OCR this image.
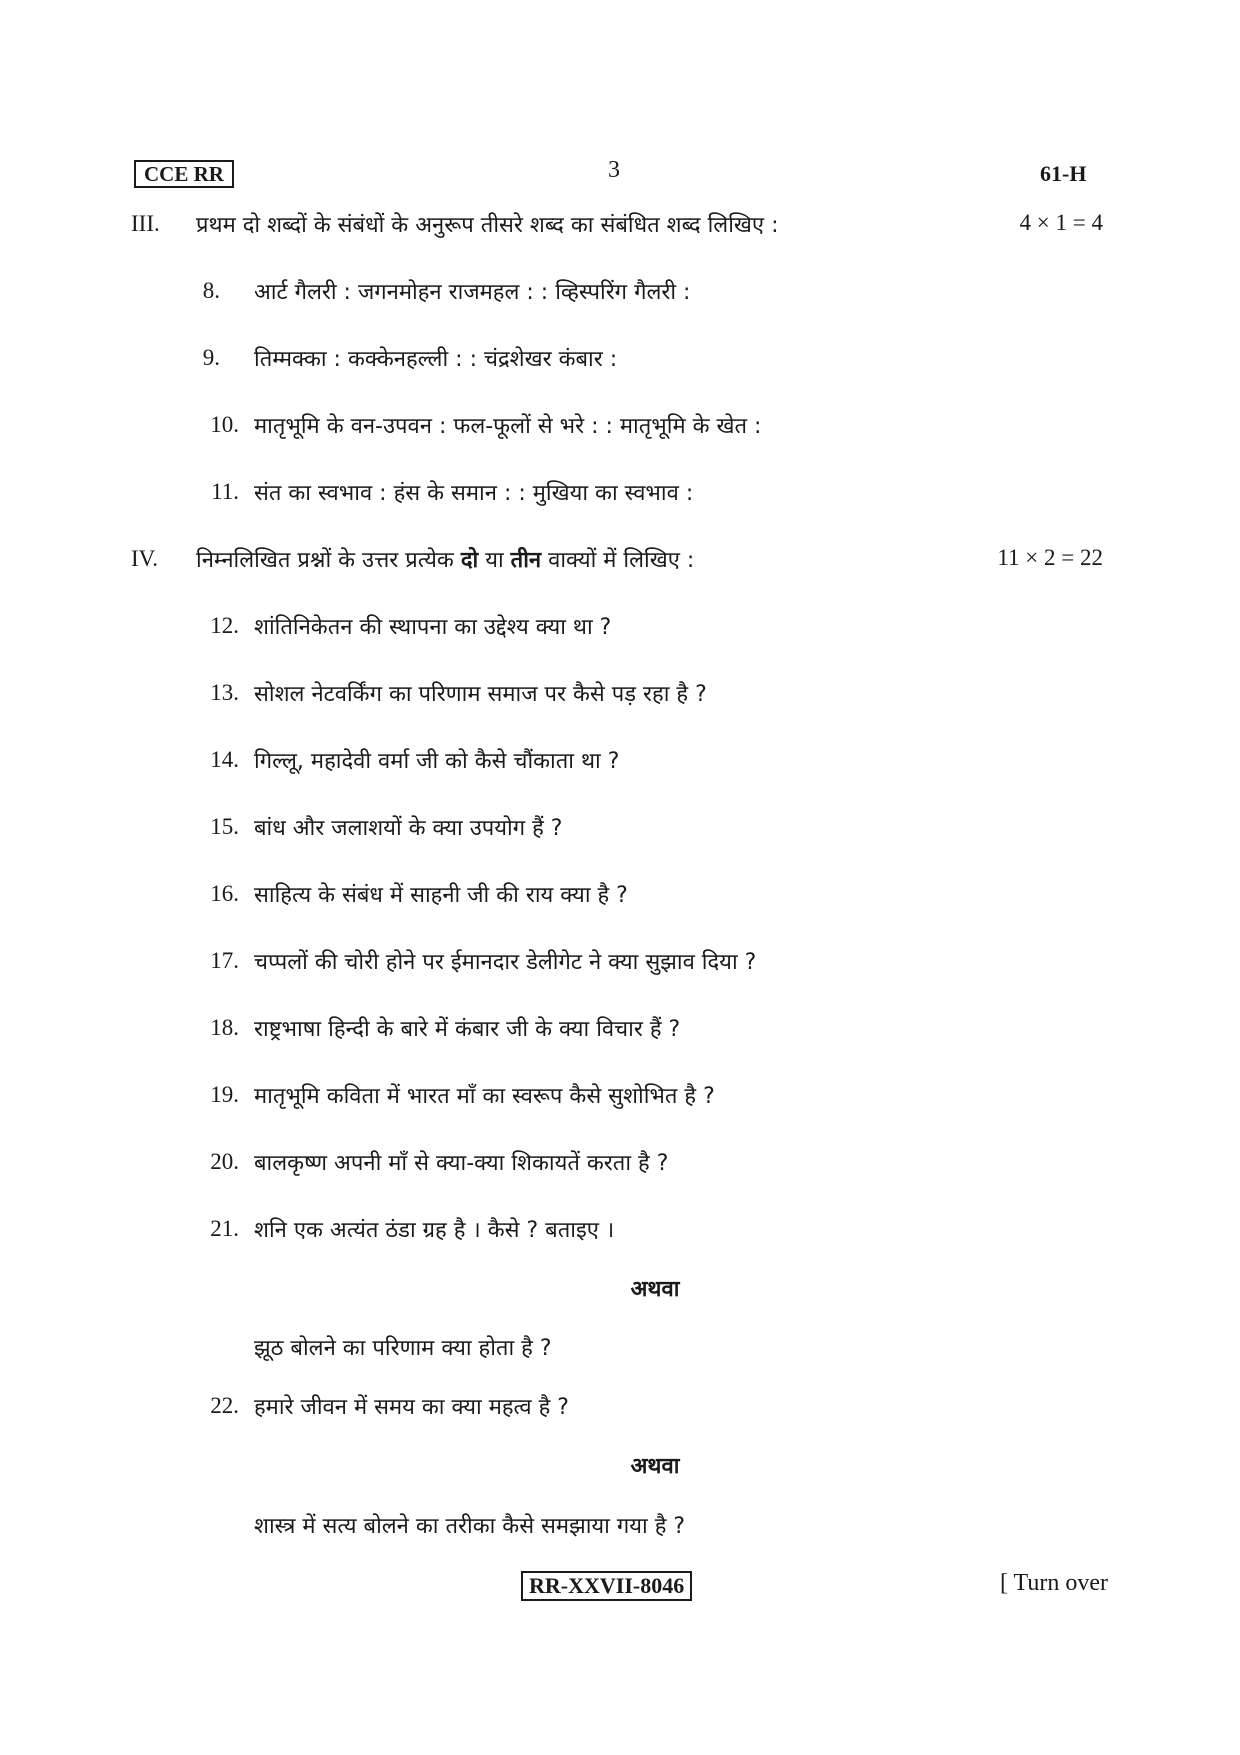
CCE RR	3	61-H
III. प्रथम दो शब्दों के संबंधों के अनुरूप तीसरे शब्द का संबंधित शब्द लिखिए :	4 × 1 = 4
8. आर्ट गैलरी : जगनमोहन राजमहल : : व्हिस्परिंग गैलरी :
9. तिम्मक्का : कक्केनहल्ली : : चंद्रशेखर कंबार :
10. मातृभूमि के वन-उपवन : फल-फूलों से भरे : : मातृभूमि के खेत :
11. संत का स्वभाव : हंस के समान : : मुखिया का स्वभाव :
IV. निम्नलिखित प्रश्नों के उत्तर प्रत्येक दो या तीन वाक्यों में लिखिए :	11 × 2 = 22
12. शांतिनिकेतन की स्थापना का उद्देश्य क्या था ?
13. सोशल नेटवर्किंग का परिणाम समाज पर कैसे पड़ रहा है ?
14. गिल्लू, महादेवी वर्मा जी को कैसे चौंकाता था ?
15. बांध और जलाशयों के क्या उपयोग हैं ?
16. साहित्य के संबंध में साहनी जी की राय क्या है ?
17. चप्पलों की चोरी होने पर ईमानदार डेलीगेट ने क्या सुझाव दिया ?
18. राष्ट्रभाषा हिन्दी के बारे में कंबार जी के क्या विचार हैं ?
19. मातृभूमि कविता में भारत माँ का स्वरूप कैसे सुशोभित है ?
20. बालकृष्ण अपनी माँ से क्या-क्या शिकायतें करता है ?
21. शनि एक अत्यंत ठंडा ग्रह है । कैसे ? बताइए ।
अथवा
झूठ बोलने का परिणाम क्या होता है ?
22. हमारे जीवन में समय का क्या महत्व है ?
अथवा
शास्त्र में सत्य बोलने का तरीका कैसे समझाया गया है ?
RR-XXVII-8046	[ Turn over
